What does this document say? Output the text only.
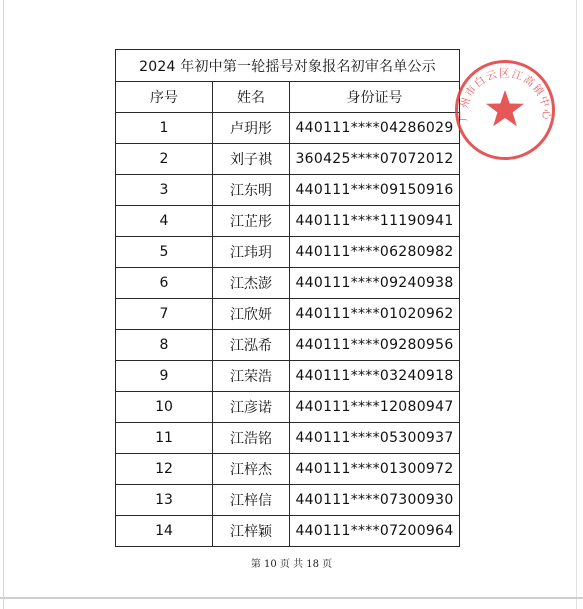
2024 年初中第一轮摇号对象报名初审名单公示		
序号	姓名	身份证号
1	卢玥彤	440111****04286029
2	刘子祺	360425****07072012
3	江东明	440111****09150916
4	江芷彤	440111****11190941
5	江玮玥	440111****06280982
6	江杰澎	440111****09240938
7	江欣妍	440111****01020962
8	江泓希	440111****09280956
9	江荣浩	440111****03240918
10	江彦诺	440111****12080947
11	江浩铭	440111****05300937
12	江梓杰	440111****01300972
13	江梓信	440111****07300930
14	江梓颖	440111****07200964
广州市白云区江高镇中心
第 10 页 共 18 页
